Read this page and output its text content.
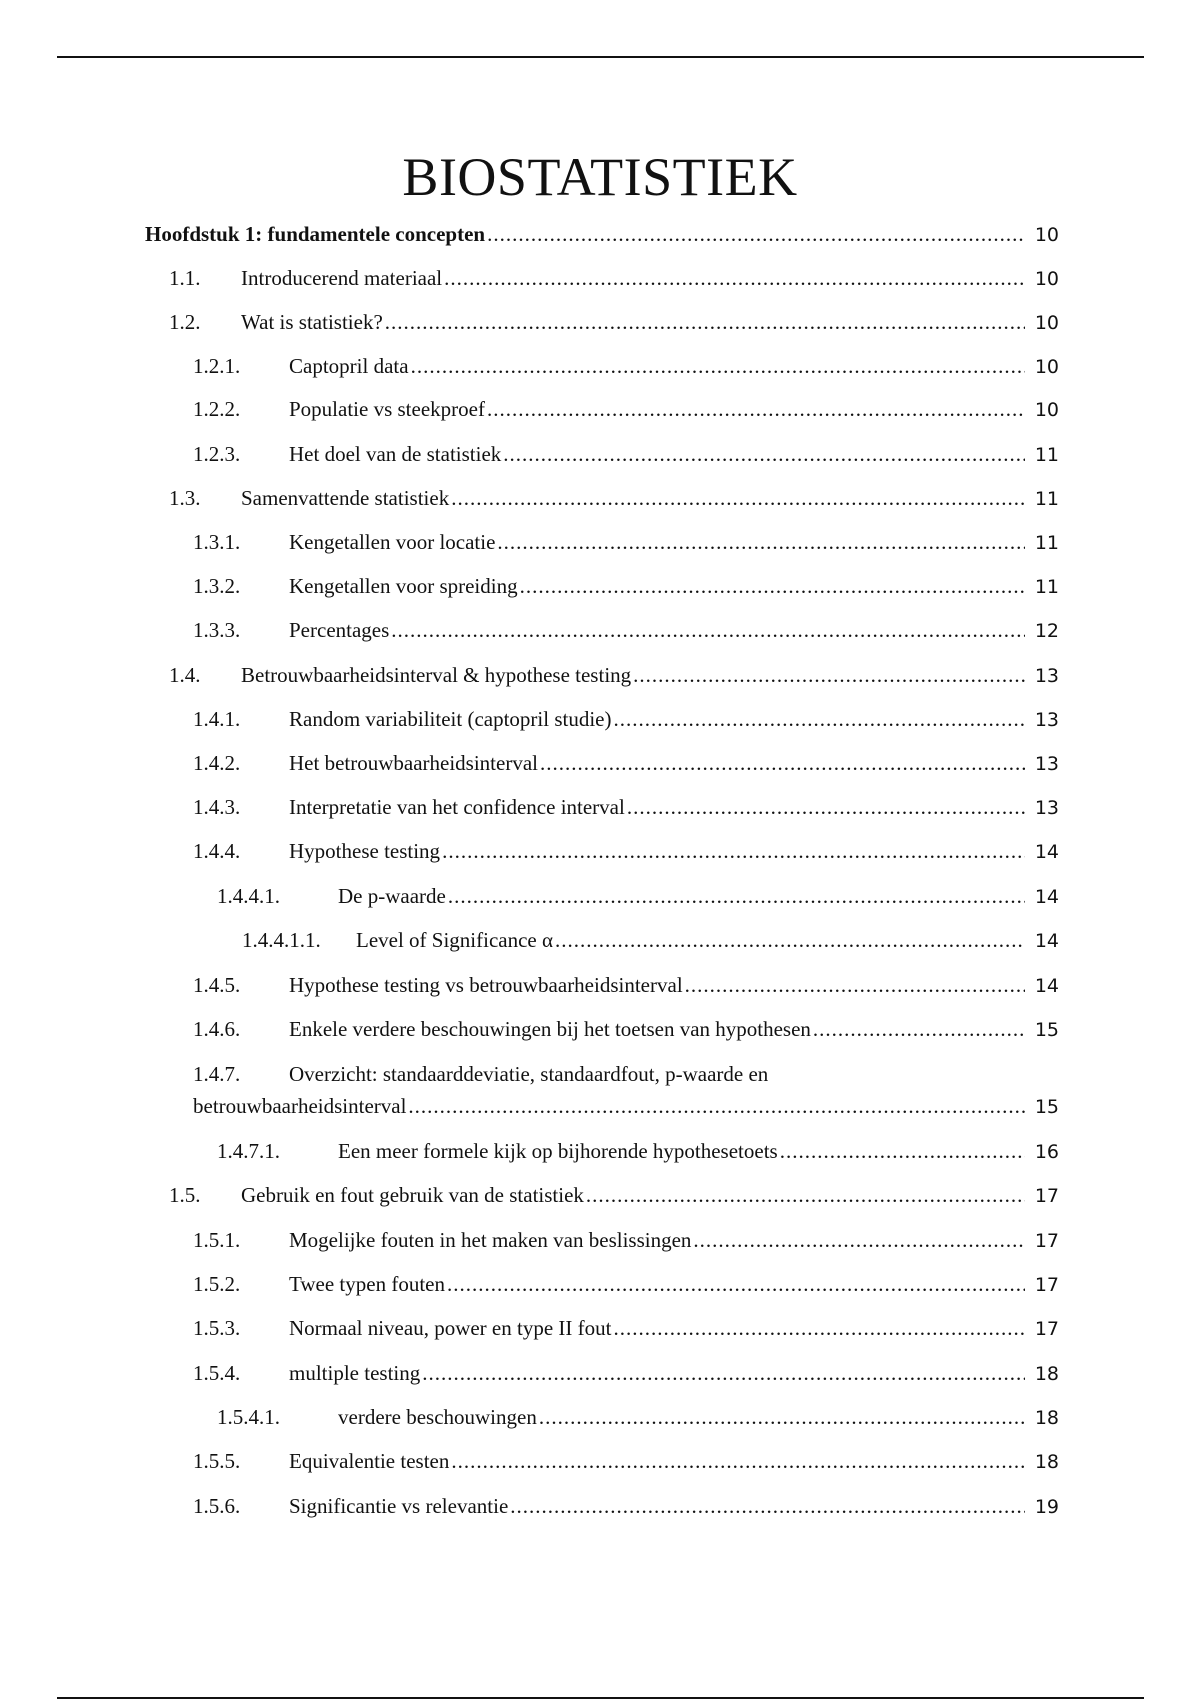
BIOSTATISTIEK
Hoofdstuk 1: fundamentele concepten .....	10
1.1.	Introducerend materiaal .....	10
1.2.	Wat is statistiek? .....	10
1.2.1.	Captopril data .....	10
1.2.2.	Populatie vs steekproef .....	10
1.2.3.	Het doel van de statistiek .....	11
1.3.	Samenvattende statistiek .....	11
1.3.1.	Kengetallen voor locatie .....	11
1.3.2.	Kengetallen voor spreiding .....	11
1.3.3.	Percentages .....	12
1.4.	Betrouwbaarheidsinterval & hypothese testing .....	13
1.4.1.	Random variabiliteit (captopril studie) .....	13
1.4.2.	Het betrouwbaarheidsinterval .....	13
1.4.3.	Interpretatie van het confidence interval .....	13
1.4.4.	Hypothese testing .....	14
1.4.4.1.	De p-waarde .....	14
1.4.4.1.1.	Level of Significance α .....	14
1.4.5.	Hypothese testing vs betrouwbaarheidsinterval .....	14
1.4.6.	Enkele verdere beschouwingen bij het toetsen van hypothesen .....	15
1.4.7. Overzicht: standaarddeviatie, standaardfout, p-waarde en
betrouwbaarheidsinterval .....	15
1.4.7.1.	Een meer formele kijk op bijhorende hypothesetoets .....	16
1.5.	Gebruik en fout gebruik van de statistiek .....	17
1.5.1.	Mogelijke fouten in het maken van beslissingen .....	17
1.5.2.	Twee typen fouten .....	17
1.5.3.	Normaal niveau, power en type II fout .....	17
1.5.4.	multiple testing .....	18
1.5.4.1.	verdere beschouwingen .....	18
1.5.5.	Equivalentie testen .....	18
1.5.6.	Significantie vs relevantie .....	19
